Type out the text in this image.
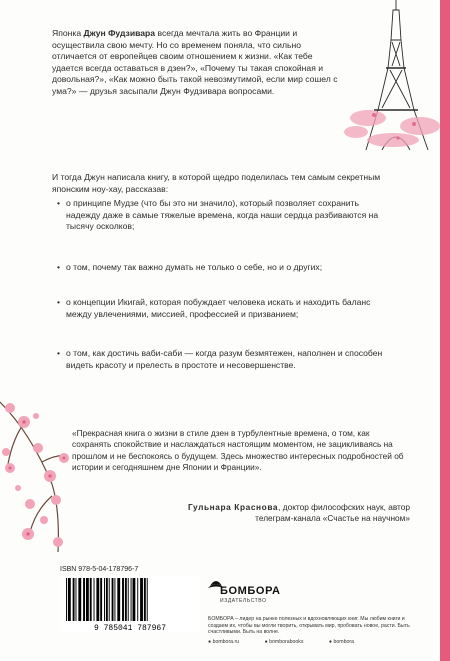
Японка Джун Фудзивара всегда мечтала жить во Франции и осуществила свою мечту. Но со временем поняла, что сильно отличается от европейцев своим отношением к жизни. «Как тебе удается всегда оставаться в дзен?», «Почему ты такая спокойная и довольная?», «Как можно быть такой невозмутимой, если мир сошел с ума?» — друзья засыпали Джун Фудзивара вопросами.
И тогда Джун написала книгу, в которой щедро поделилась тем самым секретным японским ноу-хау, рассказав:
• о принципе Мудзе (что бы это ни значило), который позволяет сохранить надежду даже в самые тяжелые времена, когда наши сердца разбиваются на тысячу осколков;
• о том, почему так важно думать не только о себе, но и о других;
• о концепции Икигай, которая побуждает человека искать и находить баланс между увлечениями, миссией, профессией и призванием;
• о том, как достичь ваби-саби — когда разум безмятежен, наполнен и способен видеть красоту и прелесть в простоте и несовершенстве.
«Прекрасная книга о жизни в стиле дзен в турбулентные времена, о том, как сохранять спокойствие и наслаждаться настоящим моментом, не зацикливаясь на прошлом и не беспокоясь о будущем. Здесь множество интересных подробностей об истории и сегодняшнем дне Японии и Франции».
Гульнара Краснова, доктор философских наук, автор
телеграм-канала «Счастье на научном»
ISBN 978-5-04-178796-7
9 785041 787967
БОМБОРА
ИЗДАТЕЛЬСТВО
БОМБОРА – лидер на рынке полезных и вдохновляющих книг. Мы любим книги и создаем их, чтобы вы могли творить, открывать мир, пробовать новое, расти. Быть счастливыми. Быть на волне.
● bombora.ru	● bomborabooks	● bombora
